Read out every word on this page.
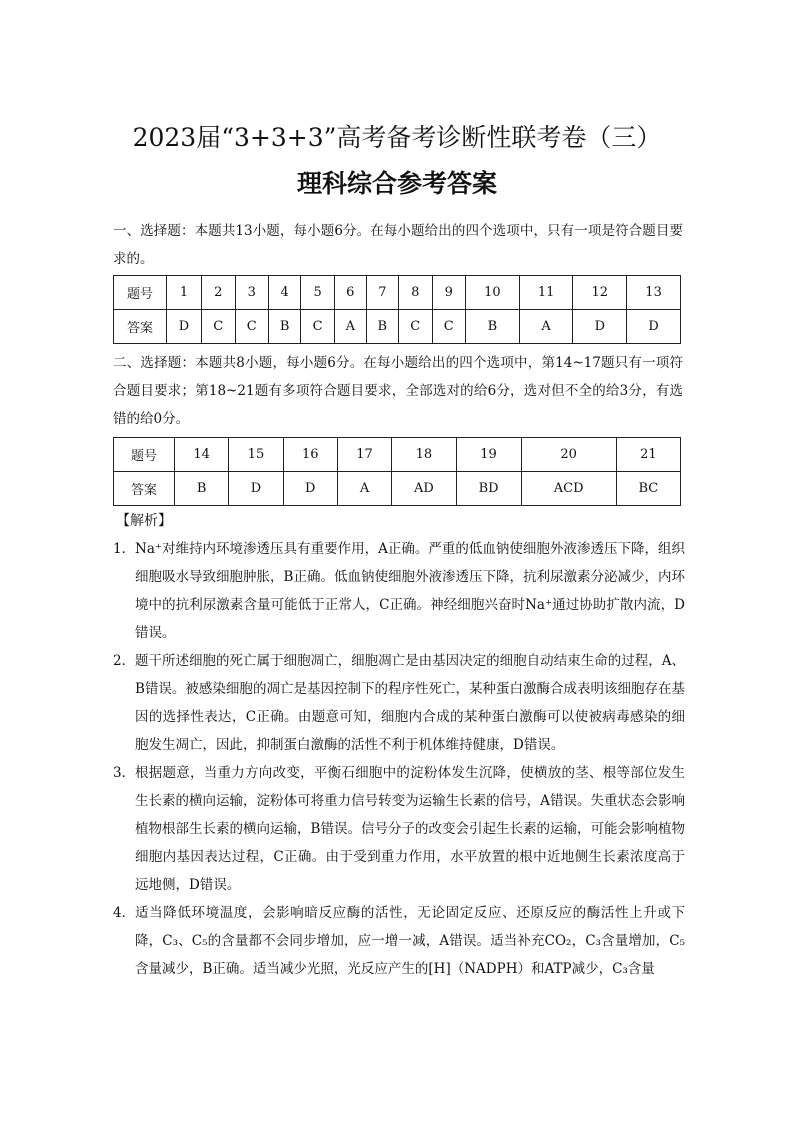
2023届“3+3+3”高考备考诊断性联考卷（三）
理科综合参考答案
一、选择题：本题共13小题，每小题6分。在每小题给出的四个选项中，只有一项是符合题目要求的。
题号	1	2	3	4	5	6	7	8	9	10	11	12	13
答案	D	C	C	B	C	A	B	C	C	B	A	D	D
二、选择题：本题共8小题，每小题6分。在每小题给出的四个选项中，第14~17题只有一项符合题目要求；第18~21题有多项符合题目要求，全部选对的给6分，选对但不全的给3分，有选错的给0分。
题号	14	15	16	17	18	19	20	21
答案	B	D	D	A	AD	BD	ACD	BC
【解析】
1． Na⁺对维持内环境渗透压具有重要作用，A正确。严重的低血钠使细胞外液渗透压下降，组织细胞吸水导致细胞肿胀，B正确。低血钠使细胞外液渗透压下降，抗利尿激素分泌减少，内环境中的抗利尿激素含量可能低于正常人，C正确。神经细胞兴奋时Na⁺通过协助扩散内流，D错误。
2． 题干所述细胞的死亡属于细胞凋亡，细胞凋亡是由基因决定的细胞自动结束生命的过程，A、B错误。被感染细胞的凋亡是基因控制下的程序性死亡，某种蛋白激酶合成表明该细胞存在基因的选择性表达，C正确。由题意可知，细胞内合成的某种蛋白激酶可以使被病毒感染的细胞发生凋亡，因此，抑制蛋白激酶的活性不利于机体维持健康，D错误。
3． 根据题意，当重力方向改变，平衡石细胞中的淀粉体发生沉降，使横放的茎、根等部位发生生长素的横向运输，淀粉体可将重力信号转变为运输生长素的信号，A错误。失重状态会影响植物根部生长素的横向运输，B错误。信号分子的改变会引起生长素的运输，可能会影响植物细胞内基因表达过程，C正确。由于受到重力作用，水平放置的根中近地侧生长素浓度高于远地侧，D错误。
4． 适当降低环境温度，会影响暗反应酶的活性，无论固定反应、还原反应的酶活性上升或下降，C₃、C₅的含量都不会同步增加，应一增一减，A错误。适当补充CO₂，C₃含量增加，C₅含量减少，B正确。适当减少光照，光反应产生的[H]（NADPH）和ATP减少，C₃含量
